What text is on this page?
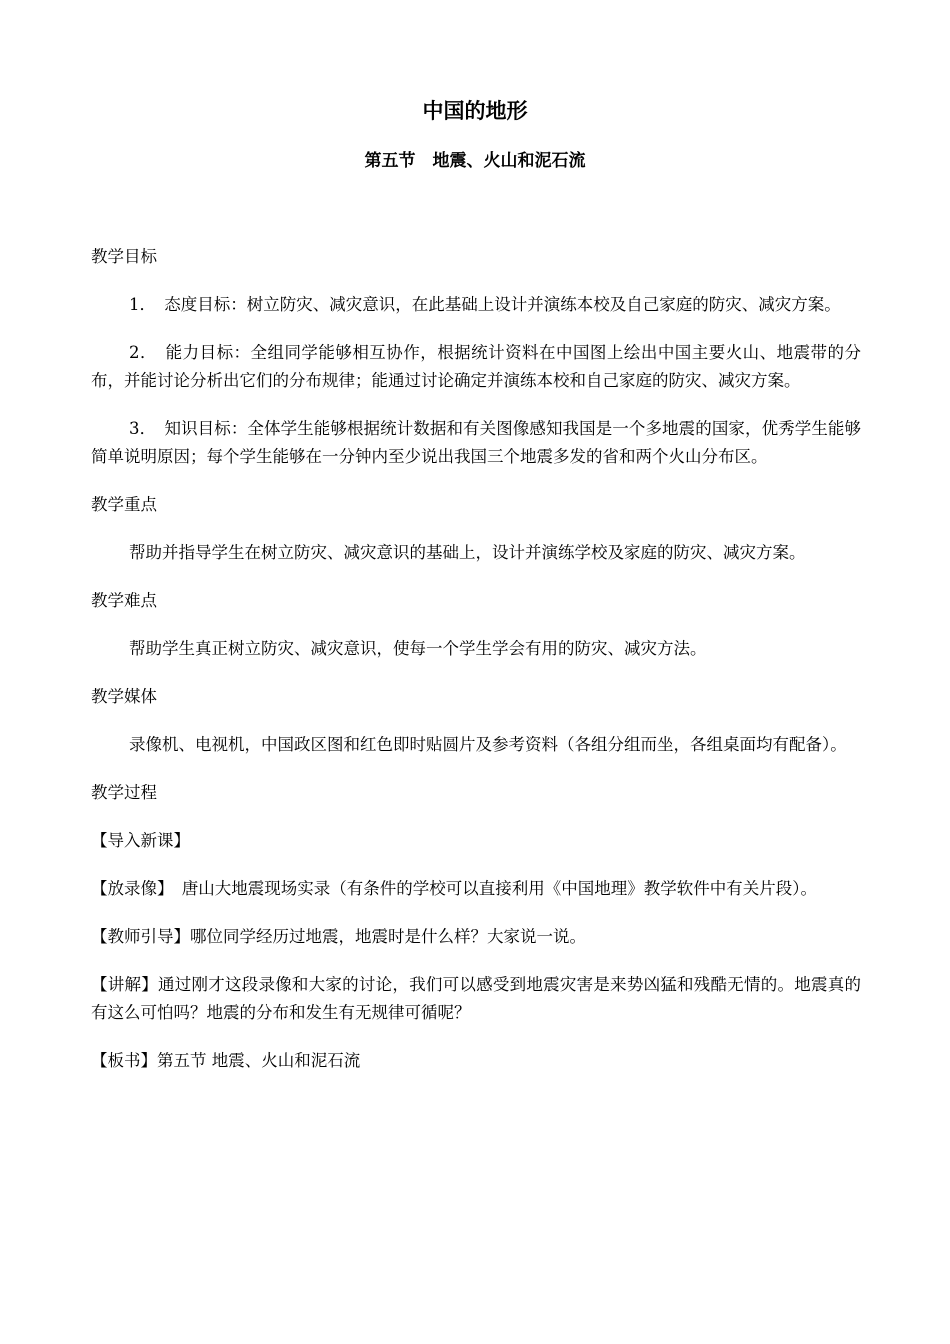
中国的地形
第五节　地震、火山和泥石流

教学目标

1．　态度目标：树立防灾、减灾意识，在此基础上设计并演练本校及自己家庭的防灾、减灾方案。

2．　能力目标：全组同学能够相互协作，根据统计资料在中国图上绘出中国主要火山、地震带的分布，并能讨论分析出它们的分布规律；能通过讨论确定并演练本校和自己家庭的防灾、减灾方案。

3．　知识目标：全体学生能够根据统计数据和有关图像感知我国是一个多地震的国家，优秀学生能够简单说明原因；每个学生能够在一分钟内至少说出我国三个地震多发的省和两个火山分布区。

教学重点

帮助并指导学生在树立防灾、减灾意识的基础上，设计并演练学校及家庭的防灾、减灾方案。

教学难点

帮助学生真正树立防灾、减灾意识，使每一个学生学会有用的防灾、减灾方法。

教学媒体

录像机、电视机，中国政区图和红色即时贴圆片及参考资料（各组分组而坐，各组桌面均有配备）。

教学过程

【导入新课】

【放录像】　唐山大地震现场实录（有条件的学校可以直接利用《中国地理》教学软件中有关片段）。

【教师引导】哪位同学经历过地震，地震时是什么样？大家说一说。

【讲解】通过刚才这段录像和大家的讨论，我们可以感受到地震灾害是来势凶猛和残酷无情的。地震真的有这么可怕吗？地震的分布和发生有无规律可循呢？

【板书】第五节 地震、火山和泥石流
